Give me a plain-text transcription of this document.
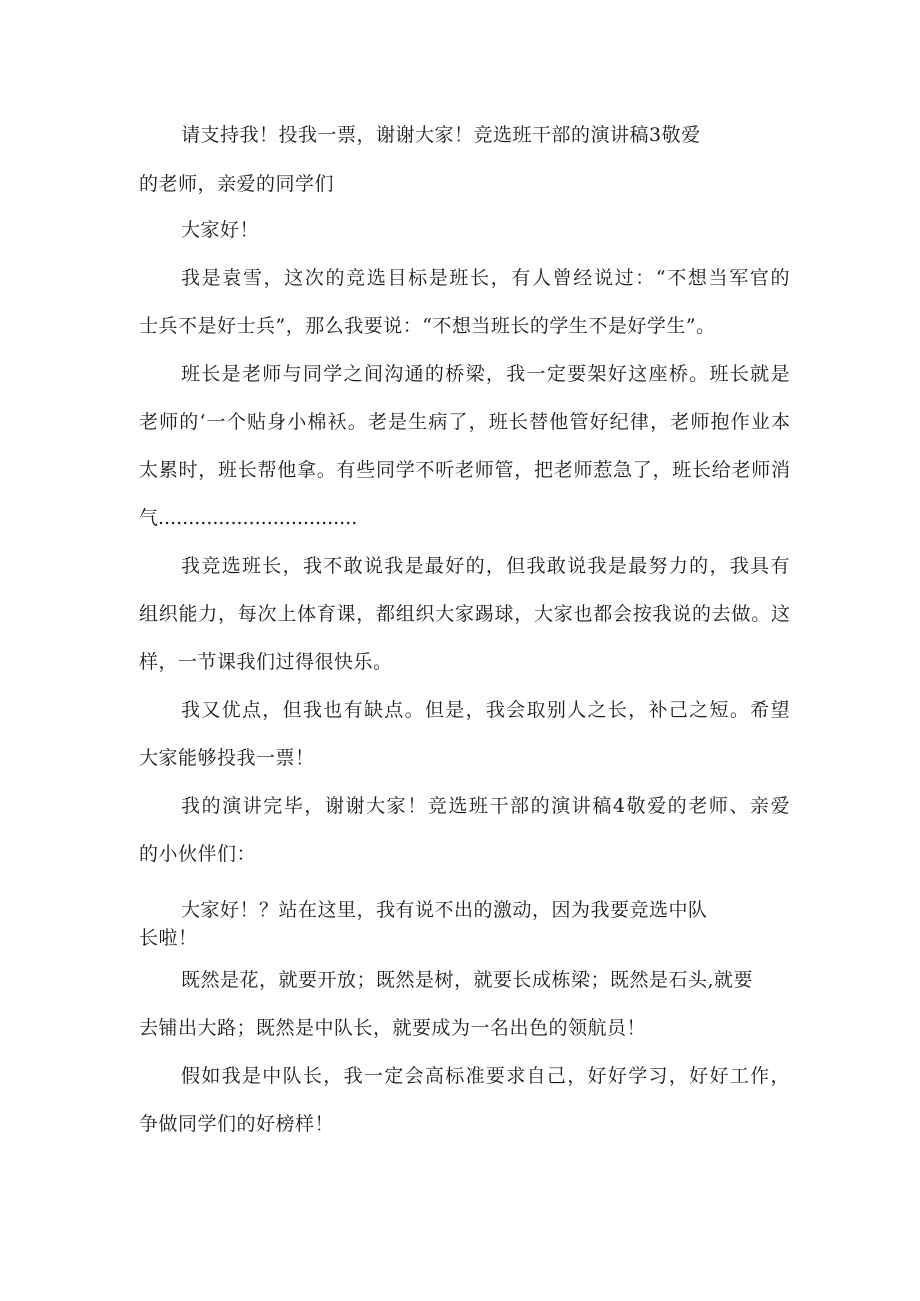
请支持我！投我一票，谢谢大家！竞选班干部的演讲稿3敬爱

的老师，亲爱的同学们

大家好！

我是袁雪，这次的竞选目标是班长，有人曾经说过：“不想当军官的

士兵不是好士兵”，那么我要说：“不想当班长的学生不是好学生”。

班长是老师与同学之间沟通的桥梁，我一定要架好这座桥。班长就是

老师的‘一个贴身小棉袄。老是生病了，班长替他管好纪律，老师抱作业本

太累时，班长帮他拿。有些同学不听老师管，把老师惹急了，班长给老师消

气.................................

我竞选班长，我不敢说我是最好的，但我敢说我是最努力的，我具有

组织能力，每次上体育课，都组织大家踢球，大家也都会按我说的去做。这

样，一节课我们过得很快乐。

我又优点，但我也有缺点。但是，我会取别人之长，补己之短。希望

大家能够投我一票！

我的演讲完毕，谢谢大家！竞选班干部的演讲稿4敬爱的老师、亲爱

的小伙伴们：

大家好！？站在这里，我有说不出的激动，因为我要竞选中队

长啦！

既然是花，就要开放；既然是树，就要长成栋梁；既然是石头,就要

去铺出大路；既然是中队长，就要成为一名出色的领航员！

假如我是中队长，我一定会高标准要求自己，好好学习，好好工作，

争做同学们的好榜样！
